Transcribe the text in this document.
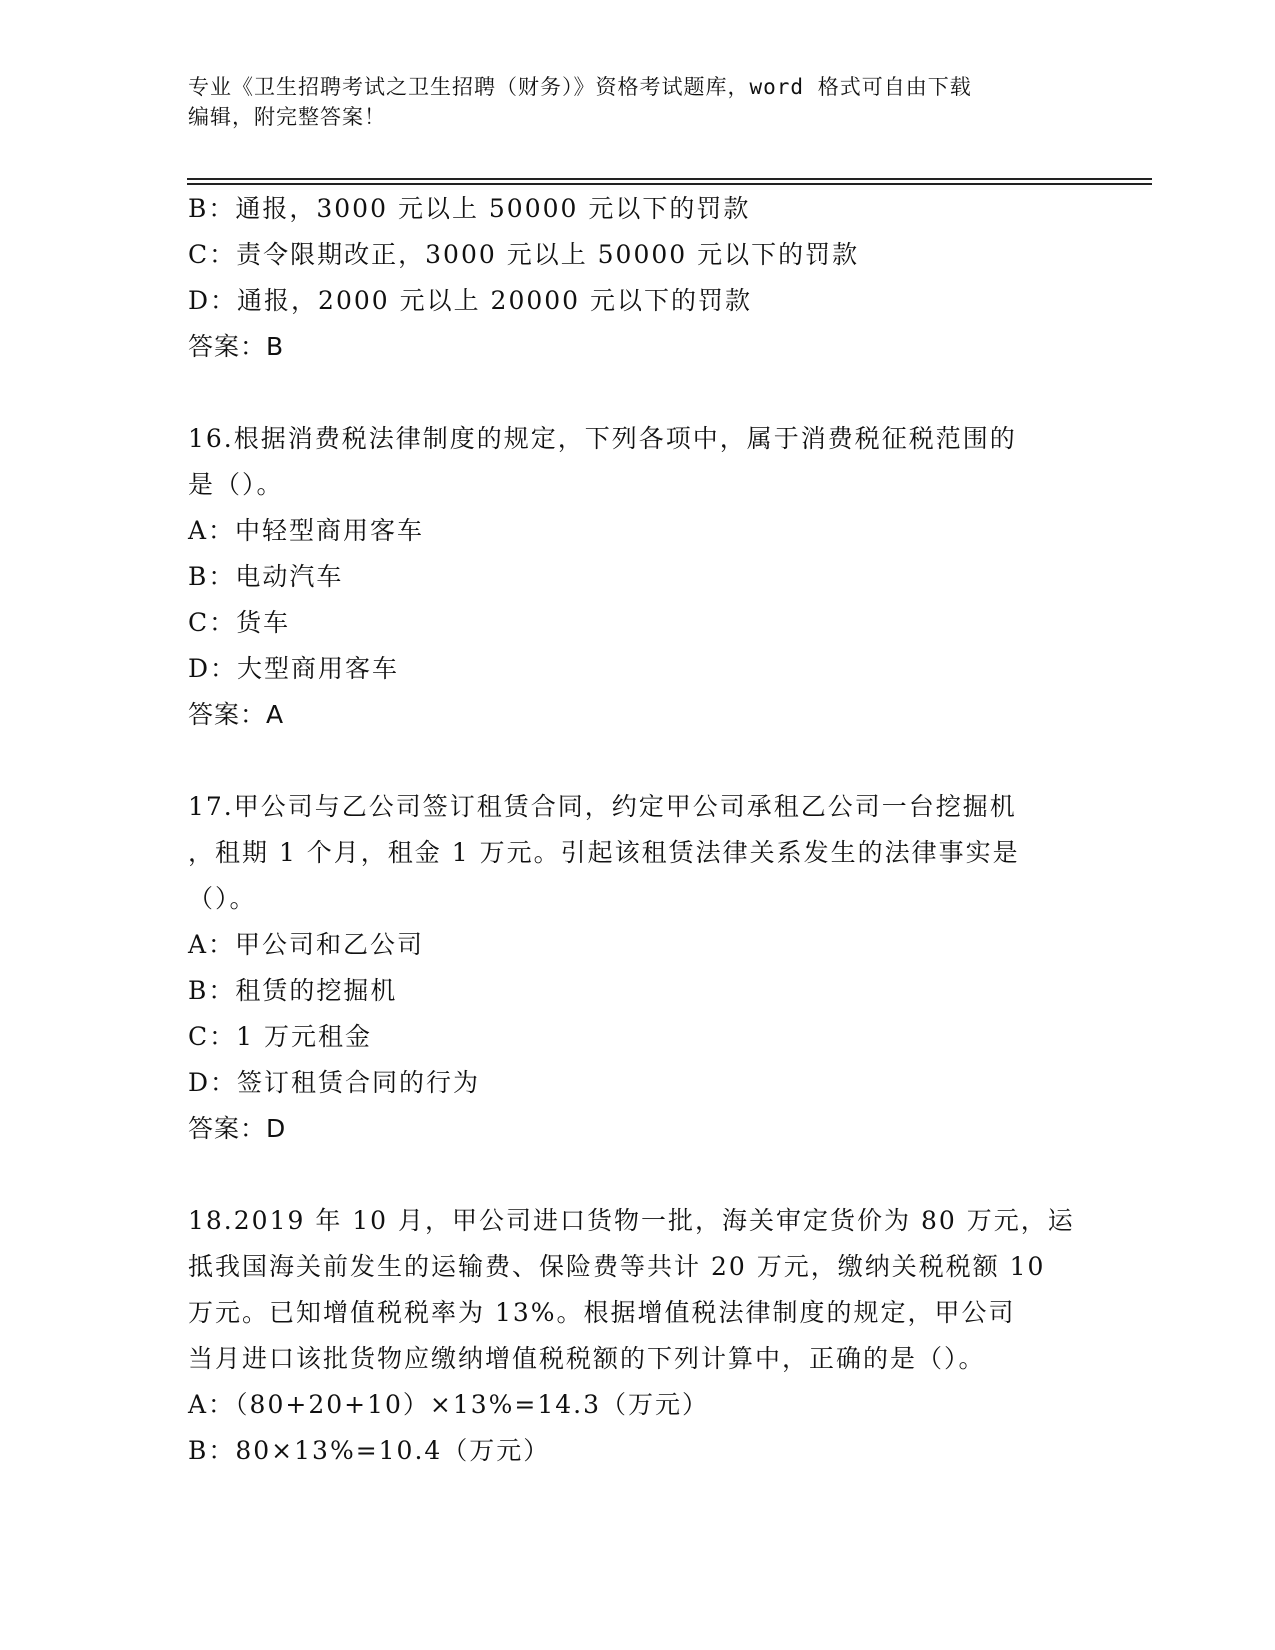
专业《卫生招聘考试之卫生招聘（财务）》资格考试题库，word 格式可自由下载
编辑，附完整答案！
B：通报，3000 元以上 50000 元以下的罚款
C：责令限期改正，3000 元以上 50000 元以下的罚款
D：通报，2000 元以上 20000 元以下的罚款
答案：B
16.根据消费税法律制度的规定，下列各项中，属于消费税征税范围的
是（）。
A：中轻型商用客车
B：电动汽车
C：货车
D：大型商用客车
答案：A
17.甲公司与乙公司签订租赁合同，约定甲公司承租乙公司一台挖掘机
，租期 1 个月，租金 1 万元。引起该租赁法律关系发生的法律事实是
（）。
A：甲公司和乙公司
B：租赁的挖掘机
C：1 万元租金
D：签订租赁合同的行为
答案：D
18.2019 年 10 月，甲公司进口货物一批，海关审定货价为 80 万元，运
抵我国海关前发生的运输费、保险费等共计 20 万元，缴纳关税税额 10
万元。已知增值税税率为 13%。根据增值税法律制度的规定，甲公司
当月进口该批货物应缴纳增值税税额的下列计算中，正确的是（）。
A：（80+20+10）×13%=14.3（万元）
B：80×13%=10.4（万元）
